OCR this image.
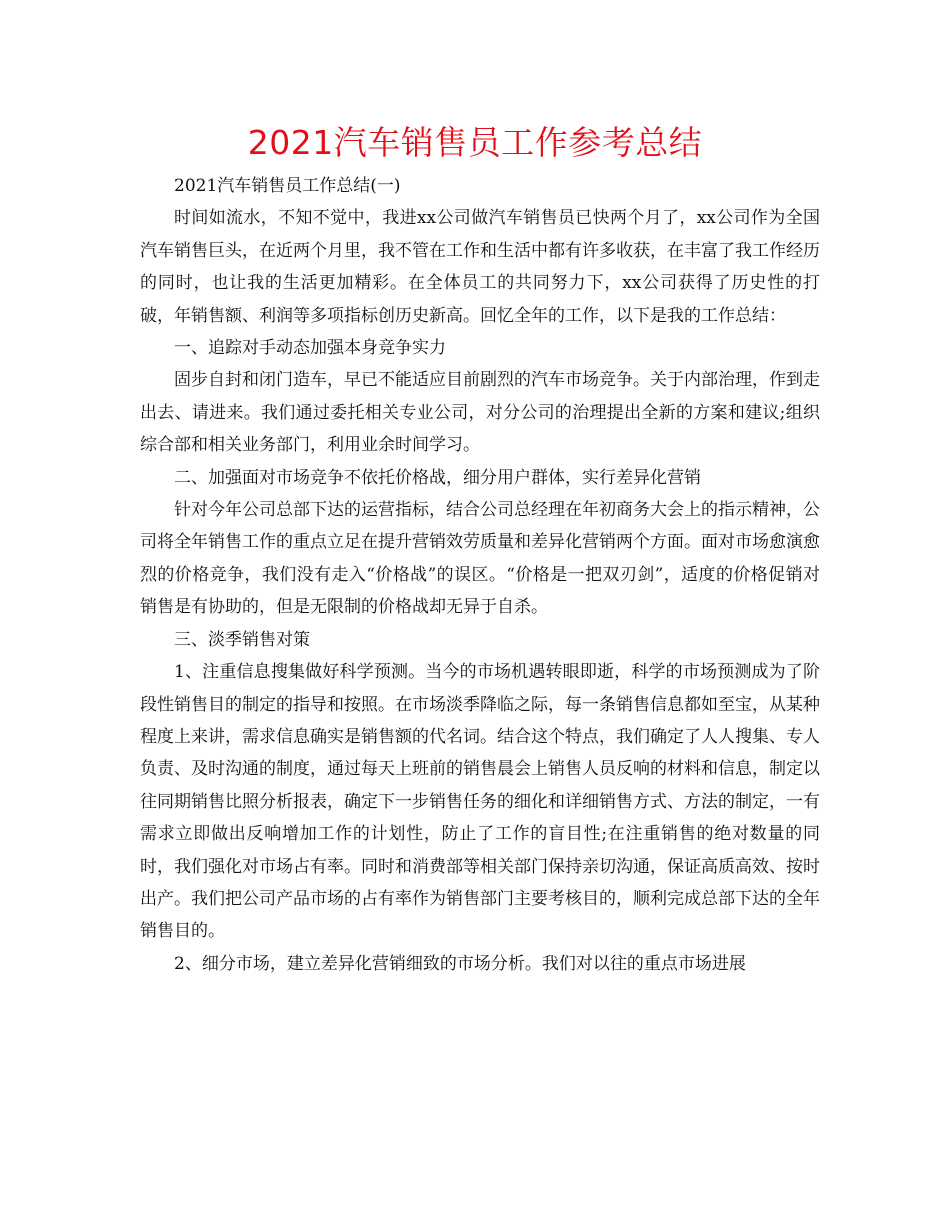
2021汽车销售员工作参考总结

2021汽车销售员工作总结(一)

时间如流水，不知不觉中，我进xx公司做汽车销售员已快两个月了，xx公司作为全国汽车销售巨头，在近两个月里，我不管在工作和生活中都有许多收获，在丰富了我工作经历的同时，也让我的生活更加精彩。在全体员工的共同努力下，xx公司获得了历史性的打破，年销售额、利润等多项指标创历史新高。回忆全年的工作，以下是我的工作总结：

一、追踪对手动态加强本身竞争实力

固步自封和闭门造车，早已不能适应目前剧烈的汽车市场竞争。关于内部治理，作到走出去、请进来。我们通过委托相关专业公司，对分公司的治理提出全新的方案和建议;组织综合部和相关业务部门，利用业余时间学习。

二、加强面对市场竞争不依托价格战，细分用户群体，实行差异化营销

针对今年公司总部下达的运营指标，结合公司总经理在年初商务大会上的指示精神，公司将全年销售工作的重点立足在提升营销效劳质量和差异化营销两个方面。面对市场愈演愈烈的价格竞争，我们没有走入“价格战”的误区。“价格是一把双刃剑”，适度的价格促销对销售是有协助的，但是无限制的价格战却无异于自杀。

三、淡季销售对策

1、注重信息搜集做好科学预测。当今的市场机遇转眼即逝，科学的市场预测成为了阶段性销售目的制定的指导和按照。在市场淡季降临之际，每一条销售信息都如至宝，从某种程度上来讲，需求信息确实是销售额的代名词。结合这个特点，我们确定了人人搜集、专人负责、及时沟通的制度，通过每天上班前的销售晨会上销售人员反响的材料和信息，制定以往同期销售比照分析报表，确定下一步销售任务的细化和详细销售方式、方法的制定，一有需求立即做出反响增加工作的计划性，防止了工作的盲目性;在注重销售的绝对数量的同时，我们强化对市场占有率。同时和消费部等相关部门保持亲切沟通，保证高质高效、按时出产。我们把公司产品市场的占有率作为销售部门主要考核目的，顺利完成总部下达的全年销售目的。

2、细分市场，建立差异化营销细致的市场分析。我们对以往的重点市场进展
